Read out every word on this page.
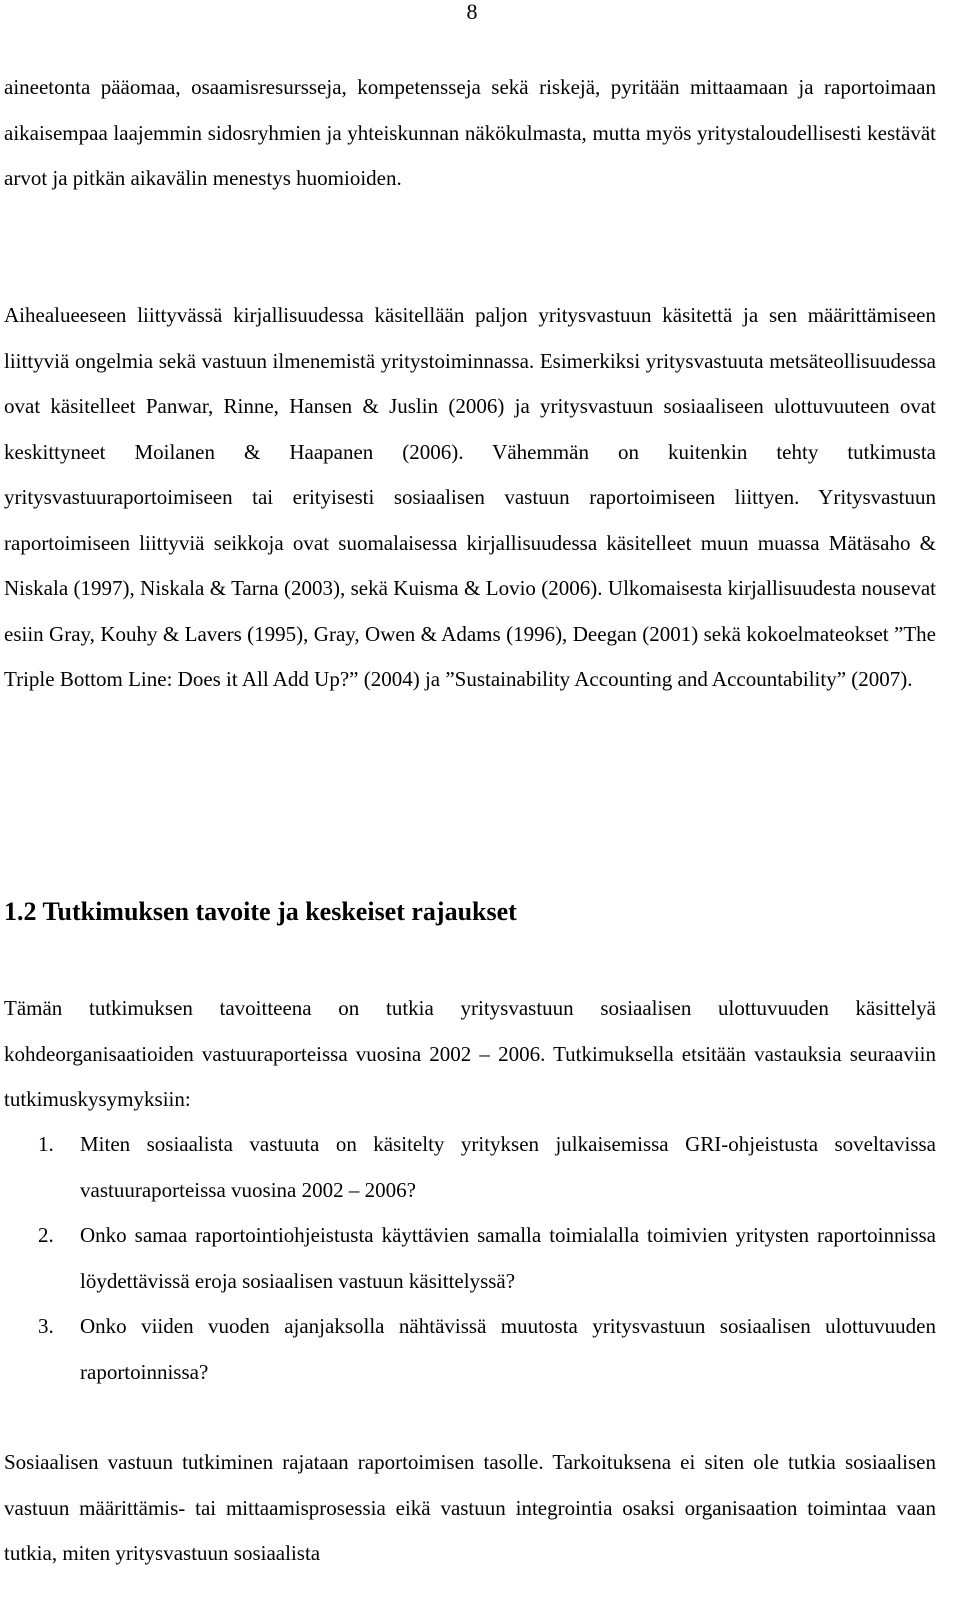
8

aineetonta pääomaa, osaamisresursseja, kompetensseja sekä riskejä, pyritään mittaamaan ja raportoimaan aikaisempaa laajemmin sidosryhmien ja yhteiskunnan näkökulmasta, mutta myös yritystaloudellisesti kestävät arvot ja pitkän aikavälin menestys huomioiden.

Aihealueeseen liittyvässä kirjallisuudessa käsitellään paljon yritysvastuun käsitettä ja sen määrittämiseen liittyviä ongelmia sekä vastuun ilmenemistä yritystoiminnassa. Esimerkiksi yritysvastuuta metsäteollisuudessa ovat käsitelleet Panwar, Rinne, Hansen & Juslin (2006) ja yritysvastuun sosiaaliseen ulottuvuuteen ovat keskittyneet Moilanen & Haapanen (2006). Vähemmän on kuitenkin tehty tutkimusta yritysvastuuraportoimiseen tai erityisesti sosiaalisen vastuun raportoimiseen liittyen. Yritysvastuun raportoimiseen liittyviä seikkoja ovat suomalaisessa kirjallisuudessa käsitelleet muun muassa Mätäsaho & Niskala (1997), Niskala & Tarna (2003), sekä Kuisma & Lovio (2006). Ulkomaisesta kirjallisuudesta nousevat esiin Gray, Kouhy & Lavers (1995), Gray, Owen & Adams (1996), Deegan (2001) sekä kokoelmateokset ”The Triple Bottom Line: Does it All Add Up?” (2004) ja ”Sustainability Accounting and Accountability” (2007).

1.2 Tutkimuksen tavoite ja keskeiset rajaukset

Tämän tutkimuksen tavoitteena on tutkia yritysvastuun sosiaalisen ulottuvuuden käsittelyä kohdeorganisaatioiden vastuuraporteissa vuosina 2002 – 2006. Tutkimuksella etsitään vastauksia seuraaviin tutkimuskysymyksiin:

1. Miten sosiaalista vastuuta on käsitelty yrityksen julkaisemissa GRI-ohjeistusta soveltavissa vastuuraporteissa vuosina 2002 – 2006?
2. Onko samaa raportointiohjeistusta käyttävien samalla toimialalla toimivien yritysten raportoinnissa löydettävissä eroja sosiaalisen vastuun käsittelyssä?
3. Onko viiden vuoden ajanjaksolla nähtävissä muutosta yritysvastuun sosiaalisen ulottuvuuden raportoinnissa?

Sosiaalisen vastuun tutkiminen rajataan raportoimisen tasolle. Tarkoituksena ei siten ole tutkia sosiaalisen vastuun määrittämis- tai mittaamisprosessia eikä vastuun integrointia osaksi organisaation toimintaa vaan tutkia, miten yritysvastuun sosiaalista
